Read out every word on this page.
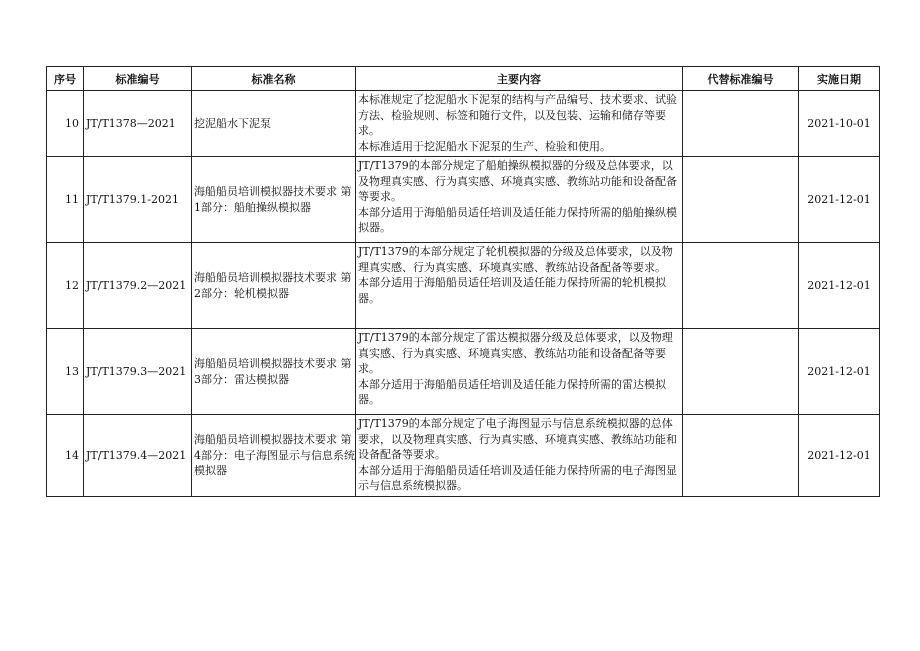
序号	标准编号	标准名称	主要内容	代替标准编号	实施日期
10	JT/T1378—2021	挖泥船水下泥泵	本标准规定了挖泥船水下泥泵的结构与产品编号、技术要求、试验方法、检验规则、标签和随行文件，以及包装、运输和储存等要求。
本标准适用于挖泥船水下泥泵的生产、检验和使用。		2021-10-01
11	JT/T1379.1-2021	海船船员培训模拟器技术要求 第1部分：船舶操纵模拟器	JT/T1379的本部分规定了船舶操纵模拟器的分级及总体要求，以及物理真实感、行为真实感、环境真实感、教练站功能和设备配备等要求。
本部分适用于海船船员适任培训及适任能力保持所需的船舶操纵模拟器。		2021-12-01
12	JT/T1379.2—2021	海船船员培训模拟器技术要求 第2部分：轮机模拟器	JT/T1379的本部分规定了轮机模拟器的分级及总体要求，以及物理真实感、行为真实感、环境真实感、教练站设备配备等要求。
本部分适用于海船船员适任培训及适任能力保持所需的轮机模拟器。		2021-12-01
13	JT/T1379.3—2021	海船船员培训模拟器技术要求 第3部分：雷达模拟器	JT/T1379的本部分规定了雷达模拟器分级及总体要求，以及物理真实感、行为真实感、环境真实感、教练站功能和设备配备等要求。
本部分适用于海船船员适任培训及适任能力保持所需的雷达模拟器。		2021-12-01
14	JT/T1379.4—2021	海船船员培训模拟器技术要求 第4部分：电子海图显示与信息系统模拟器	JT/T1379的本部分规定了电子海图显示与信息系统模拟器的总体要求，以及物理真实感、行为真实感、环境真实感、教练站功能和设备配备等要求。
本部分适用于海船船员适任培训及适任能力保持所需的电子海图显示与信息系统模拟器。		2021-12-01
